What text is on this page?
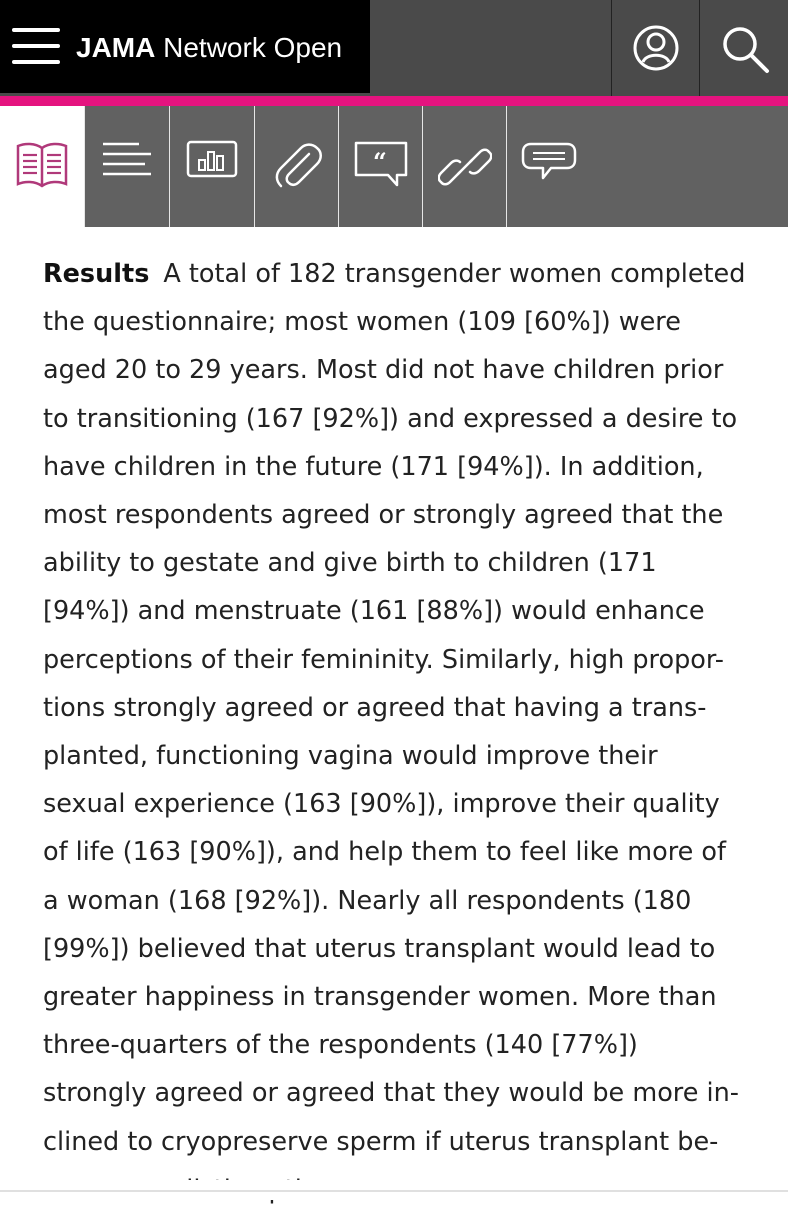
JAMA Network Open
“
Results A total of 182 transgender women completed
the questionnaire; most women (109 [60%]) were
aged 20 to 29 years. Most did not have children prior
to transitioning (167 [92%]) and expressed a desire to
have children in the future (171 [94%]). In addition,
most respondents agreed or strongly agreed that the
ability to gestate and give birth to children (171
[94%]) and menstruate (161 [88%]) would enhance
perceptions of their femininity. Similarly, high propor-
tions strongly agreed or agreed that having a trans-
planted, functioning vagina would improve their
sexual experience (163 [90%]), improve their quality
of life (163 [90%]), and help them to feel like more of
a woman (168 [92%]). Nearly all respondents (180
[99%]) believed that uterus transplant would lead to
greater happiness in transgender women. More than
three-quarters of the respondents (140 [77%])
strongly agreed or agreed that they would be more in-
clined to cryopreserve sperm if uterus transplant be-
